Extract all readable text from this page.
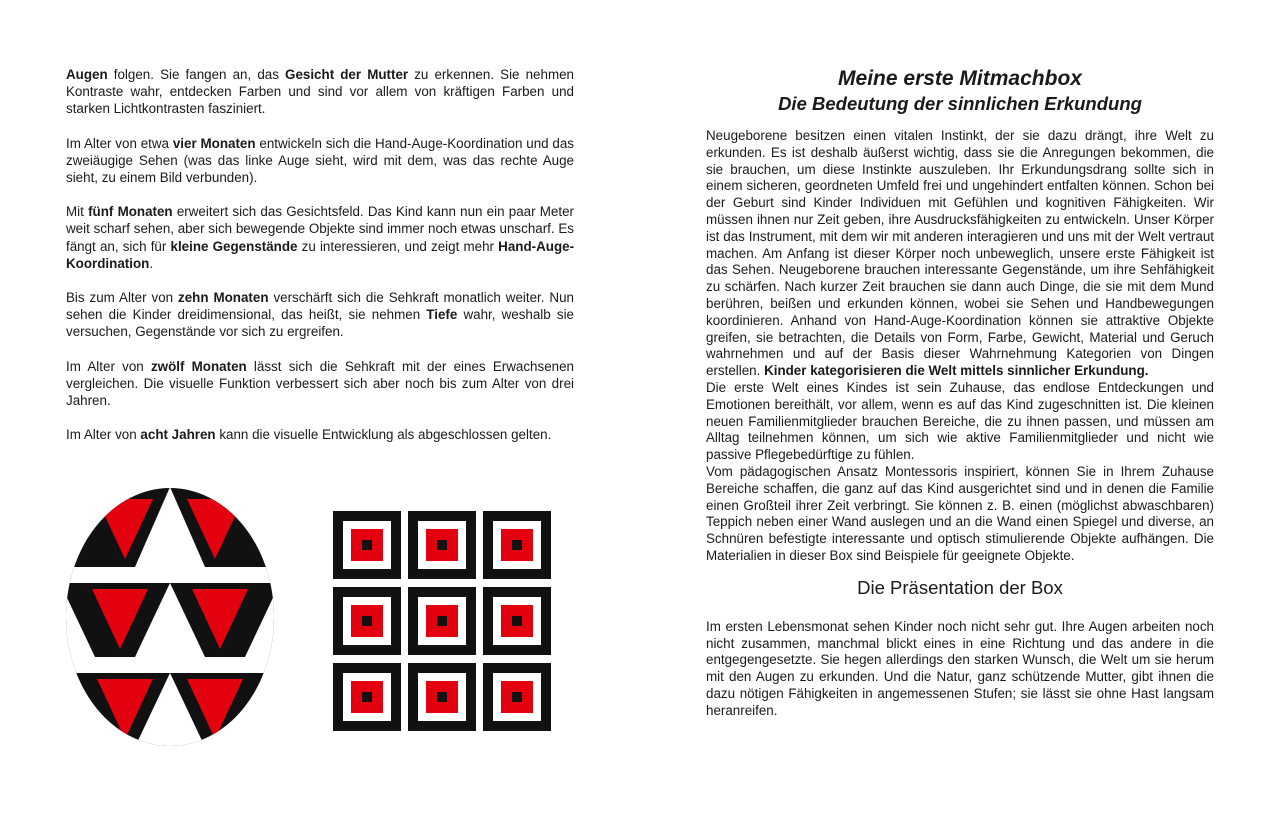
Augen folgen. Sie fangen an, das Gesicht der Mutter zu erkennen. Sie nehmen Kontraste wahr, entdecken Farben und sind vor allem von kräftigen Farben und starken Lichtkontrasten fasziniert.

Im Alter von etwa vier Monaten entwickeln sich die Hand-Auge-Koordination und das zweiäugige Sehen (was das linke Auge sieht, wird mit dem, was das rechte Auge sieht, zu einem Bild verbunden).

Mit fünf Monaten erweitert sich das Gesichtsfeld. Das Kind kann nun ein paar Meter weit scharf sehen, aber sich bewegende Objekte sind immer noch etwas unscharf. Es fängt an, sich für kleine Gegenstände zu interessieren, und zeigt mehr Hand-Auge-Koordination.

Bis zum Alter von zehn Monaten verschärft sich die Sehkraft monatlich weiter. Nun sehen die Kinder dreidimensional, das heißt, sie nehmen Tiefe wahr, weshalb sie versuchen, Gegenstände vor sich zu ergreifen.

Im Alter von zwölf Monaten lässt sich die Sehkraft mit der eines Erwachsenen vergleichen. Die visuelle Funktion verbessert sich aber noch bis zum Alter von drei Jahren.

Im Alter von acht Jahren kann die visuelle Entwicklung als abgeschlossen gelten.

Meine erste Mitmachbox
Die Bedeutung der sinnlichen Erkundung

Neugeborene besitzen einen vitalen Instinkt, der sie dazu drängt, ihre Welt zu erkunden. Es ist deshalb äußerst wichtig, dass sie die Anregungen bekommen, die sie brauchen, um diese Instinkte auszuleben. Ihr Erkundungsdrang sollte sich in einem sicheren, geordneten Umfeld frei und ungehindert entfalten können. Schon bei der Geburt sind Kinder Individuen mit Gefühlen und kognitiven Fähigkeiten. Wir müssen ihnen nur Zeit geben, ihre Ausdrucksfähigkeiten zu entwickeln. Unser Körper ist das Instrument, mit dem wir mit anderen interagieren und uns mit der Welt vertraut machen. Am Anfang ist dieser Körper noch unbeweglich, unsere erste Fähigkeit ist das Sehen. Neugeborene brauchen interessante Gegenstände, um ihre Sehfähigkeit zu schärfen. Nach kurzer Zeit brauchen sie dann auch Dinge, die sie mit dem Mund berühren, beißen und erkunden können, wobei sie Sehen und Handbewegungen koordinieren. Anhand von Hand-Auge-Koordination können sie attraktive Objekte greifen, sie betrachten, die Details von Form, Farbe, Gewicht, Material und Geruch wahrnehmen und auf der Basis dieser Wahrnehmung Kategorien von Dingen erstellen. Kinder kategorisieren die Welt mittels sinnlicher Erkundung.

Die erste Welt eines Kindes ist sein Zuhause, das endlose Entdeckungen und Emotionen bereithält, vor allem, wenn es auf das Kind zugeschnitten ist. Die kleinen neuen Familienmitglieder brauchen Bereiche, die zu ihnen passen, und müssen am Alltag teilnehmen können, um sich wie aktive Familienmitglieder und nicht wie passive Pflegebedürftige zu fühlen.

Vom pädagogischen Ansatz Montessoris inspiriert, können Sie in Ihrem Zuhause Bereiche schaffen, die ganz auf das Kind ausgerichtet sind und in denen die Familie einen Großteil ihrer Zeit verbringt. Sie können z. B. einen (möglichst abwaschbaren) Teppich neben einer Wand auslegen und an die Wand einen Spiegel und diverse, an Schnüren befestigte interessante und optisch stimulierende Objekte aufhängen. Die Materialien in dieser Box sind Beispiele für geeignete Objekte.

Die Präsentation der Box

Im ersten Lebensmonat sehen Kinder noch nicht sehr gut. Ihre Augen arbeiten noch nicht zusammen, manchmal blickt eines in eine Richtung und das andere in die entgegengesetzte. Sie hegen allerdings den starken Wunsch, die Welt um sie herum mit den Augen zu erkunden. Und die Natur, ganz schützende Mutter, gibt ihnen die dazu nötigen Fähigkeiten in angemessenen Stufen; sie lässt sie ohne Hast langsam heranreifen.
